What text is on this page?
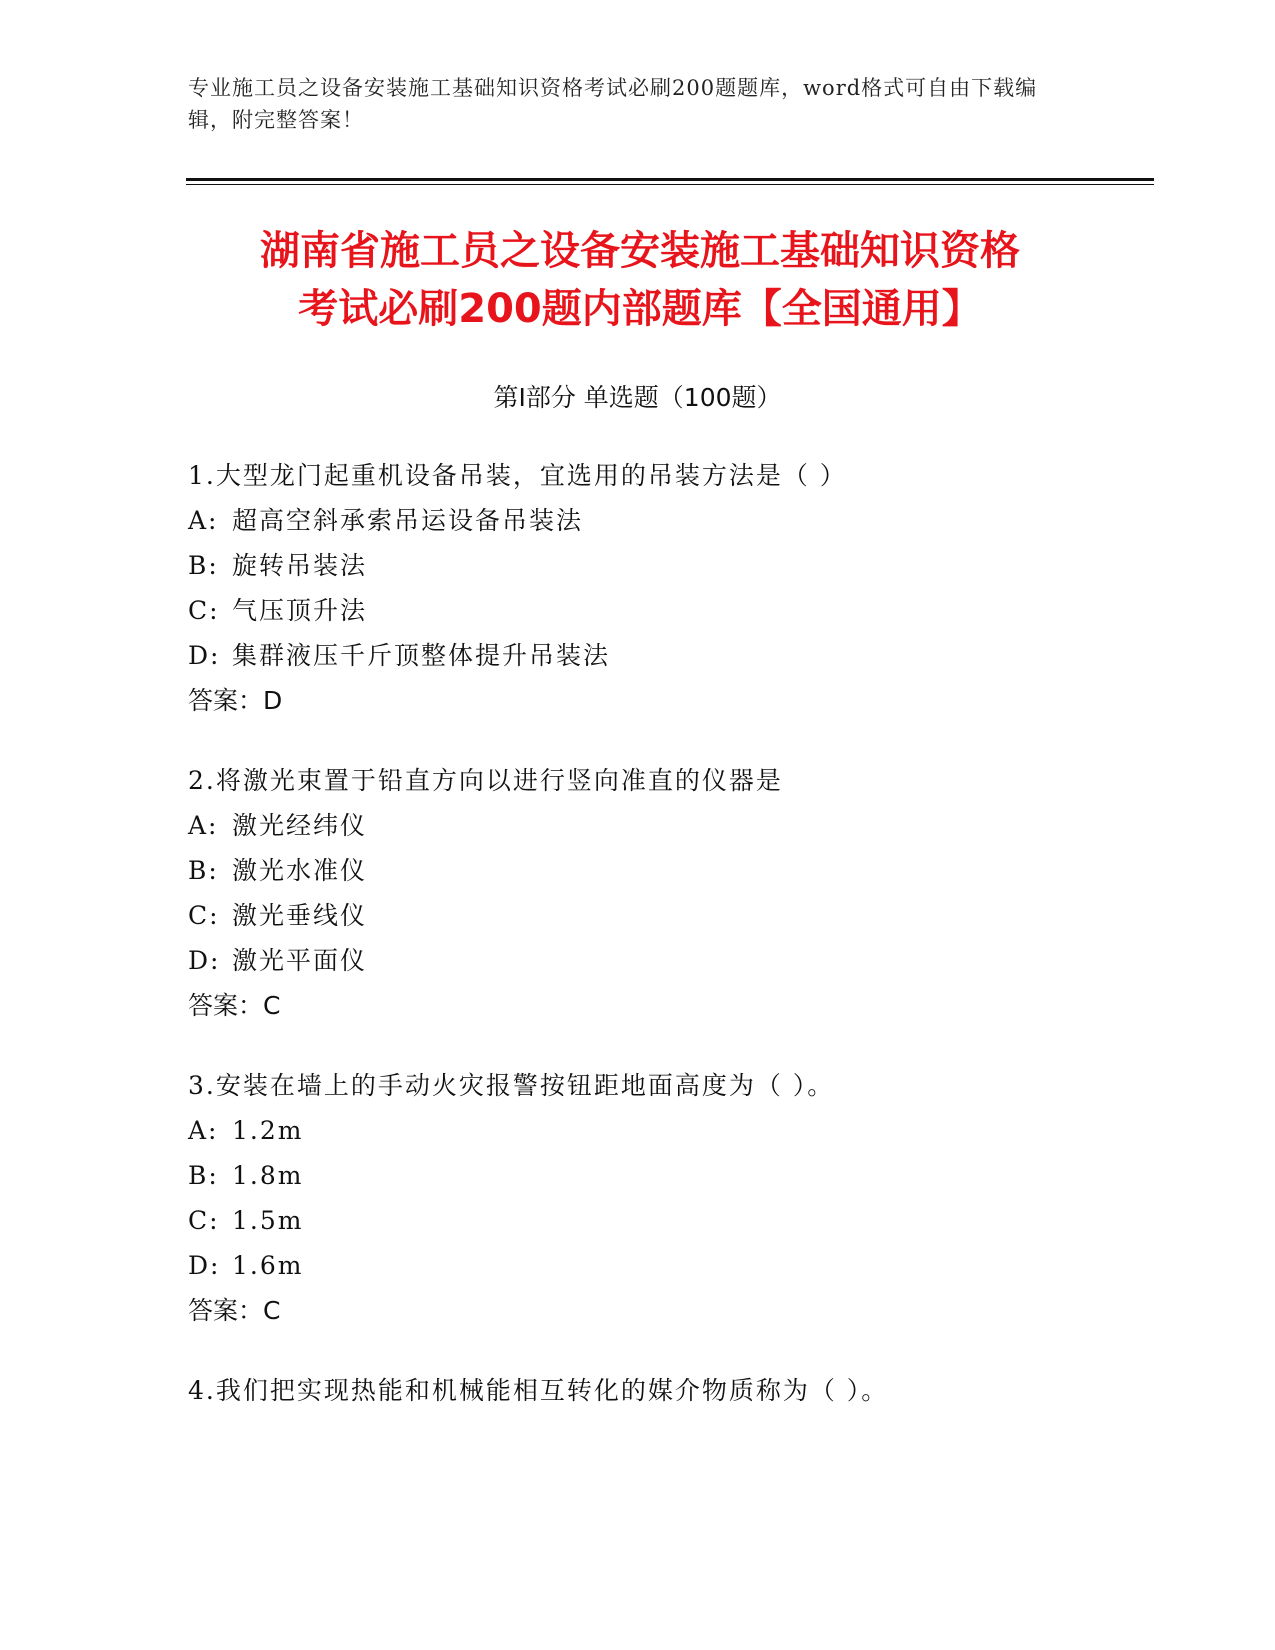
专业施工员之设备安装施工基础知识资格考试必刷200题题库，word格式可自由下载编辑，附完整答案！
湖南省施工员之设备安装施工基础知识资格
考试必刷200题内部题库【全国通用】
第Ⅰ部分 单选题（100题）
1.大型龙门起重机设备吊装，宜选用的吊装方法是（ ）
A: 超高空斜承索吊运设备吊装法
B: 旋转吊装法
C: 气压顶升法
D: 集群液压千斤顶整体提升吊装法
答案：D
2.将激光束置于铅直方向以进行竖向准直的仪器是
A: 激光经纬仪
B: 激光水准仪
C: 激光垂线仪
D: 激光平面仪
答案：C
3.安装在墙上的手动火灾报警按钮距地面高度为（ ）。
A: 1.2m
B: 1.8m
C: 1.5m
D: 1.6m
答案：C
4.我们把实现热能和机械能相互转化的媒介物质称为（ ）。
